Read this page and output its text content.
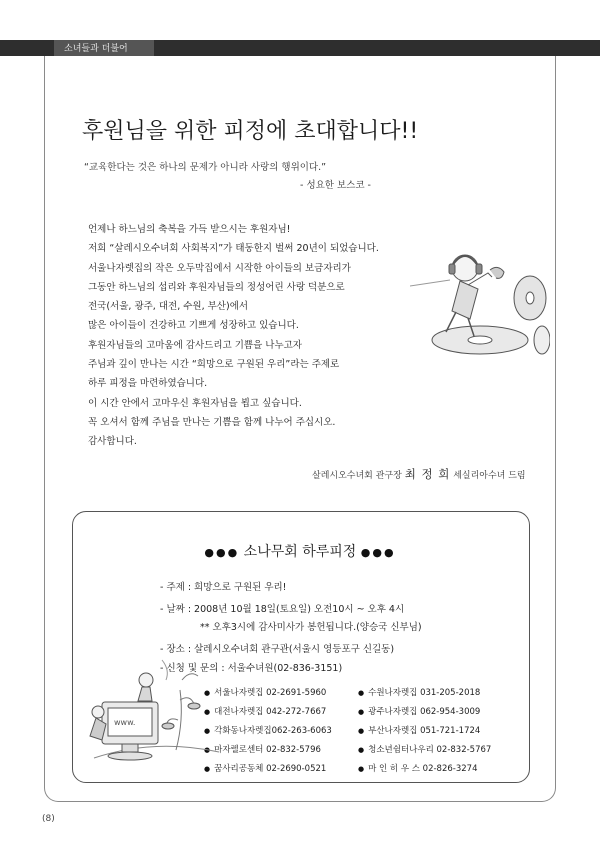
소녀들과 더불어
후원님을 위한 피정에 초대합니다!!
“교육한다는 것은 하나의 문제가 아니라 사랑의 행위이다.”
- 성요한 보스코 -
언제나 하느님의 축복을 가득 받으시는 후원자님!
저희 “살레시오수녀회 사회복지”가 태동한지 벌써 20년이 되었습니다.
서울나자렛집의 작은 오두막집에서 시작한 아이들의 보금자리가
그동안 하느님의 섭리와 후원자님들의 정성어린 사랑 덕분으로
전국(서울, 광주, 대전, 수원, 부산)에서
많은 아이들이 건강하고 기쁘게 성장하고 있습니다.
후원자님들의 고마움에 감사드리고 기쁨을 나누고자
주님과 깊이 만나는 시간 “희망으로 구원된 우리”라는 주제로
하루 피정을 마련하였습니다.
이 시간 안에서 고마우신 후원자님을 뵙고 싶습니다.
꼭 오셔서 함께 주님을 만나는 기쁨을 함께 나누어 주십시오.
감사합니다.
살레시오수녀회 관구장 최 정 희 세실리아수녀 드림
●●● 소나무회 하루피정 ●●●
- 주제 : 희망으로 구원된 우리!
- 날짜 : 2008년 10월 18일(토요일) 오전10시 ~ 오후 4시
** 오후3시에 감사미사가 봉헌됩니다.(양승국 신부님)
- 장소 : 살레시오수녀회 관구관(서울시 영등포구 신길동)
- 신청 및 문의 : 서울수녀원(02-836-3151)
● 서울나자렛집 02-2691-5960	● 수원나자렛집 031-205-2018
● 대전나자렛집 042-272-7667	● 광주나자렛집 062-954-3009
● 각화동나자렛집062-263-6063	● 부산나자렛집 051-721-1724
● 마자렐로센터 02-832-5796	● 청소년쉼터나우리 02-832-5767
● 꿈사리공동체 02-2690-0521	● 마 인 히 우 스 02-826-3274
www.
(8)
